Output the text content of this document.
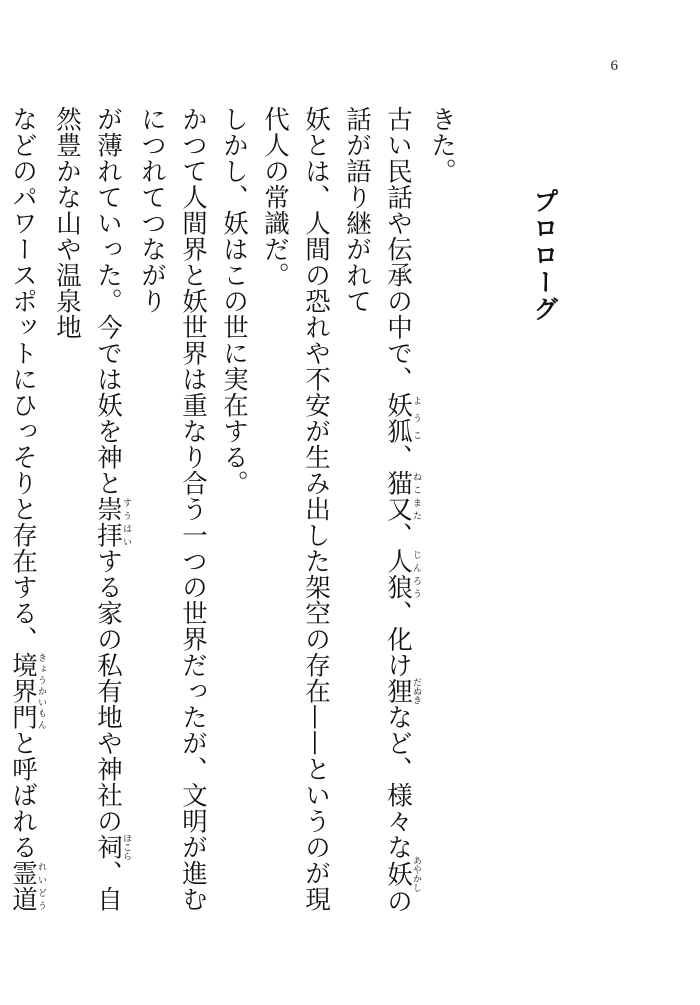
6
プロローグ

きた。

古い民話や伝承の中で、妖狐ようこ、猫又ねこまた、人狼じんろう、化け狸だぬきなど、様々な妖あやかしの話が語り継がれて

妖とは、人間の恐れや不安が生み出した架空の存在——というのが現代人の常識だ。

しかし、妖はこの世に実在する。

かつて人間界と妖世界は重なり合う一つの世界だったが、文明が進むにつれてつながり

が薄れていった。今では妖を神と崇拝すうはいする家の私有地や神社の祠ほこら、自然豊かな山や温泉地

などのパワースポットにひっそりと存在する、境界門きょうかいもんと呼ばれる霊道れいどう
